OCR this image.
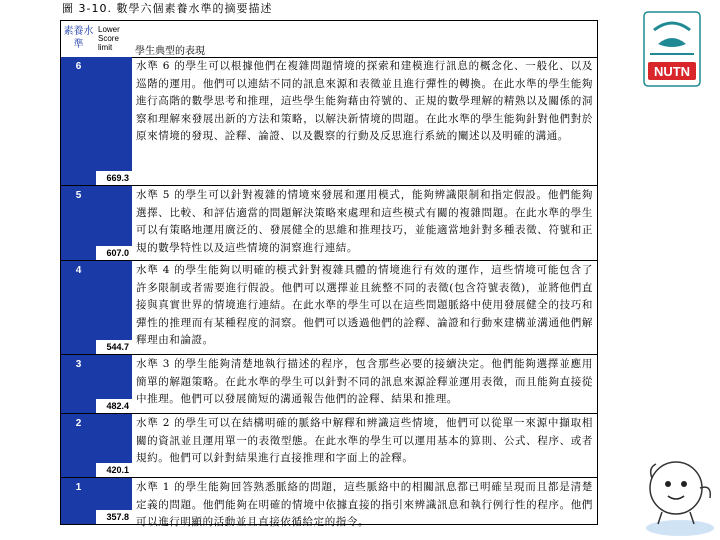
圖 3-10. 數學六個素養水準的摘要描述
素養水準
Lower Score limit	學生典型的表現
6
669.3
水準 6 的學生可以根據他們在複雜問題情境的探索和建模進行訊息的概念化、一般化、以及巡階的運用。他們可以連結不同的訊息來源和表徵並且進行彈性的轉換。在此水準的學生能夠進行高階的數學思考和推理，這些學生能夠藉由符號的、正規的數學理解的精熟以及關係的洞察和理解來發展出新的方法和策略，以解決新情境的問題。在此水準的學生能夠針對他們對於原來情境的發現、詮釋、論證、以及觀察的行動及反思進行系統的闡述以及明確的溝通。
5
607.0
水準 5 的學生可以針對複雜的情境來發展和運用模式，能夠辨識限制和指定假設。他們能夠選擇、比較、和評估適當的問題解決策略來處理和這些模式有關的複雜問題。在此水準的學生可以有策略地運用廣泛的、發展健全的思維和推理技巧，並能適當地針對多種表徵、符號和正規的數學特性以及這些情境的洞察進行連結。
4
544.7
水準 4 的學生能夠以明確的模式針對複雜具體的情境進行有效的運作，這些情境可能包含了許多限制或者需要進行假設。他們可以選擇並且統整不同的表徵(包含符號表徵)，並將他們直接與真實世界的情境進行連結。在此水準的學生可以在這些問題脈絡中使用發展健全的技巧和彈性的推理而有某種程度的洞察。他們可以透過他們的詮釋、論證和行動來建構並溝通他們解釋理由和論證。
3
482.4
水準 3 的學生能夠清楚地執行描述的程序，包含那些必要的接續決定。他們能夠選擇並應用簡單的解題策略。在此水準的學生可以針對不同的訊息來源詮釋並運用表徵，而且能夠直接從中推理。他們可以發展簡短的溝通報告他們的詮釋、結果和推理。
2
420.1
水準 2 的學生可以在結構明確的脈絡中解釋和辨識這些情境，他們可以從單一來源中擷取相關的資訊並且運用單一的表徵型態。在此水準的學生可以運用基本的算則、公式、程序、或者規約。他們可以針對結果進行直接推理和字面上的詮釋。
1
357.8
水準 1 的學生能夠回答熟悉脈絡的問題，這些脈絡中的相關訊息都已明確呈現而且都是清楚定義的問題。他們能夠在明確的情境中依據直接的指引來辨識訊息和執行例行性的程序。他們可以進行明顯的活動並且直接依循給定的指令。
NUTN
